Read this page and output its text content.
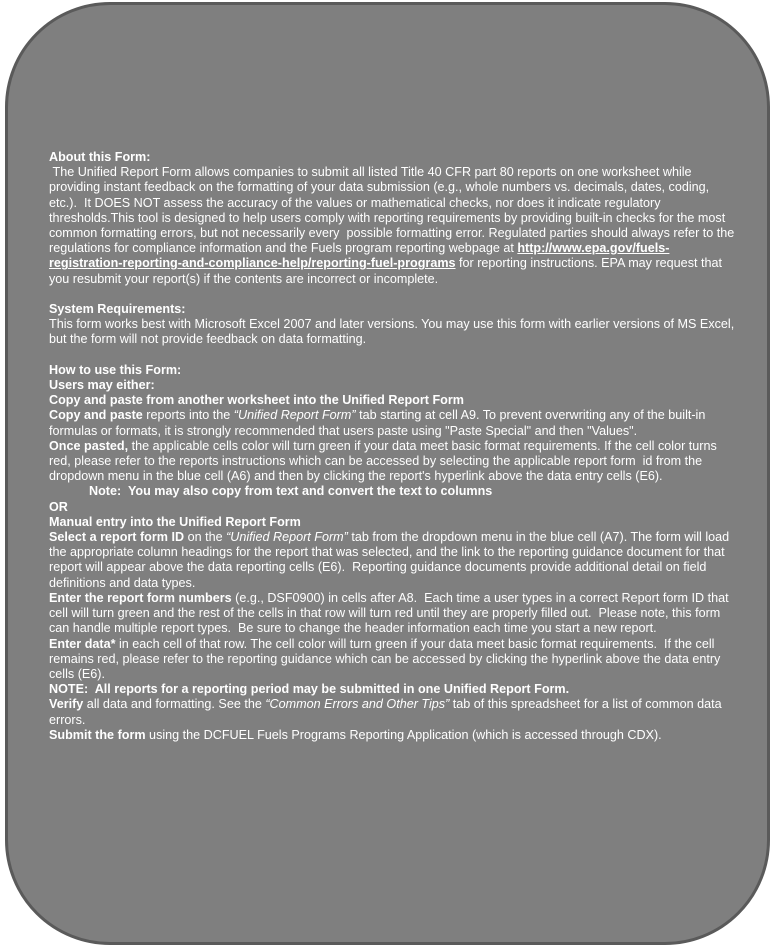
About this Form:
The Unified Report Form allows companies to submit all listed Title 40 CFR part 80 reports on one worksheet while providing instant feedback on the formatting of your data submission (e.g., whole numbers vs. decimals, dates, coding, etc.).  It DOES NOT assess the accuracy of the values or mathematical checks, nor does it indicate regulatory thresholds.This tool is designed to help users comply with reporting requirements by providing built-in checks for the most common formatting errors, but not necessarily every  possible formatting error. Regulated parties should always refer to the regulations for compliance information and the Fuels program reporting webpage at http://www.epa.gov/fuels-registration-reporting-and-compliance-help/reporting-fuel-programs for reporting instructions. EPA may request that you resubmit your report(s) if the contents are incorrect or incomplete.

System Requirements:
This form works best with Microsoft Excel 2007 and later versions. You may use this form with earlier versions of MS Excel, but the form will not provide feedback on data formatting.

How to use this Form:
Users may either:
Copy and paste from another worksheet into the Unified Report Form
Copy and paste reports into the “Unified Report Form” tab starting at cell A9. To prevent overwriting any of the built-in formulas or formats, it is strongly recommended that users paste using "Paste Special" and then "Values".
Once pasted, the applicable cells color will turn green if your data meet basic format requirements. If the cell color turns red, please refer to the reports instructions which can be accessed by selecting the applicable report form  id from the dropdown menu in the blue cell (A6) and then by clicking the report's hyperlink above the data entry cells (E6).
Note:  You may also copy from text and convert the text to columns
OR
Manual entry into the Unified Report Form
Select a report form ID on the “Unified Report Form” tab from the dropdown menu in the blue cell (A7). The form will load the appropriate column headings for the report that was selected, and the link to the reporting guidance document for that report will appear above the data reporting cells (E6).  Reporting guidance documents provide additional detail on field definitions and data types.
Enter the report form numbers (e.g., DSF0900) in cells after A8.  Each time a user types in a correct Report form ID that cell will turn green and the rest of the cells in that row will turn red until they are properly filled out.  Please note, this form can handle multiple report types.  Be sure to change the header information each time you start a new report.
Enter data* in each cell of that row. The cell color will turn green if your data meet basic format requirements.  If the cell remains red, please refer to the reporting guidance which can be accessed by clicking the hyperlink above the data entry cells (E6).
NOTE:  All reports for a reporting period may be submitted in one Unified Report Form.
Verify all data and formatting. See the “Common Errors and Other Tips” tab of this spreadsheet for a list of common data errors.
Submit the form using the DCFUEL Fuels Programs Reporting Application (which is accessed through CDX).
